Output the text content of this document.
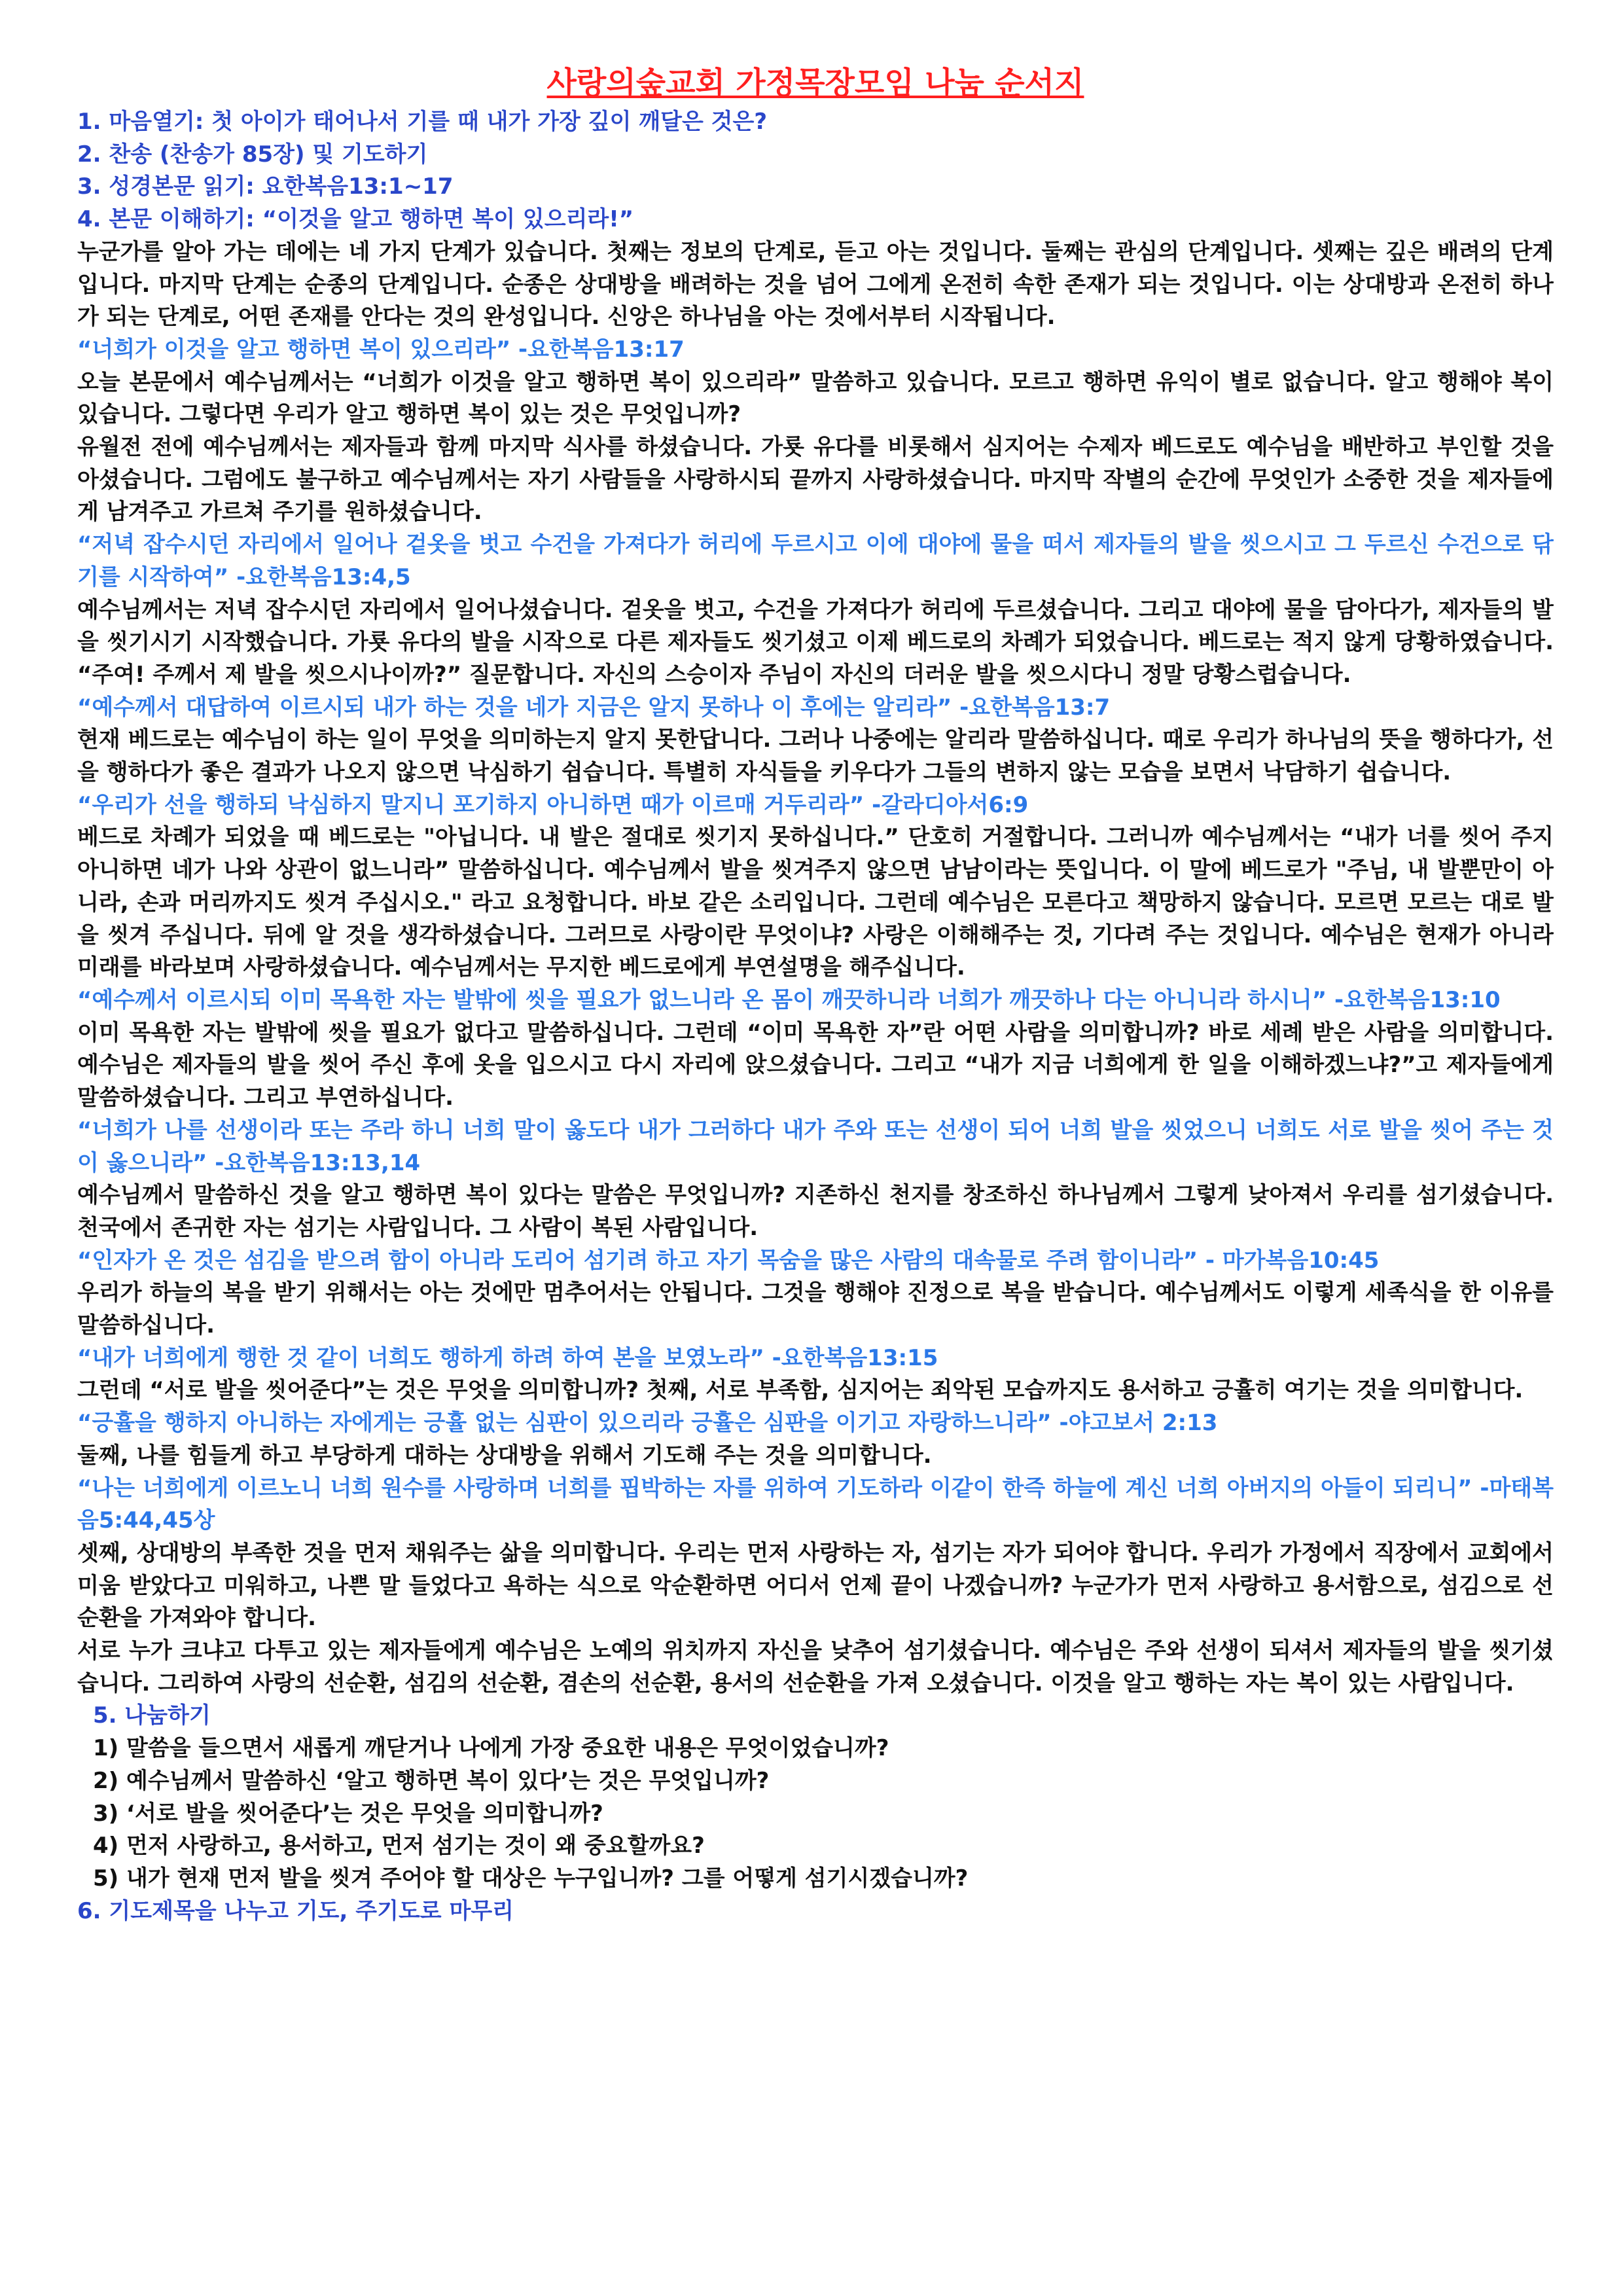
사랑의숲교회 가정목장모임 나눔 순서지

1. 마음열기: 첫 아이가 태어나서 기를 때 내가 가장 깊이 깨달은 것은?

2. 찬송 (찬송가 85장) 및 기도하기

3. 성경본문 읽기: 요한복음13:1~17

4. 본문 이해하기: “이것을 알고 행하면 복이 있으리라!”

누군가를 알아 가는 데에는 네 가지 단계가 있습니다. 첫째는 정보의 단계로, 듣고 아는 것입니다. 둘째는 관심의 단계입니다. 셋째는 깊은 배려의 단계입니다. 마지막 단계는 순종의 단계입니다. 순종은 상대방을 배려하는 것을 넘어 그에게 온전히 속한 존재가 되는 것입니다. 이는 상대방과 온전히 하나가 되는 단계로, 어떤 존재를 안다는 것의 완성입니다. 신앙은 하나님을 아는 것에서부터 시작됩니다.

“너희가 이것을 알고 행하면 복이 있으리라” -요한복음13:17

오늘 본문에서 예수님께서는 “너희가 이것을 알고 행하면 복이 있으리라” 말씀하고 있습니다. 모르고 행하면 유익이 별로 없습니다. 알고 행해야 복이 있습니다. 그렇다면 우리가 알고 행하면 복이 있는 것은 무엇입니까?

유월전 전에 예수님께서는 제자들과 함께 마지막 식사를 하셨습니다. 가룟 유다를 비롯해서 심지어는 수제자 베드로도 예수님을 배반하고 부인할 것을 아셨습니다. 그럼에도 불구하고 예수님께서는 자기 사람들을 사랑하시되 끝까지 사랑하셨습니다. 마지막 작별의 순간에 무엇인가 소중한 것을 제자들에게 남겨주고 가르쳐 주기를 원하셨습니다.

“저녁 잡수시던 자리에서 일어나 겉옷을 벗고 수건을 가져다가 허리에 두르시고 이에 대야에 물을 떠서 제자들의 발을 씻으시고 그 두르신 수건으로 닦기를 시작하여” -요한복음13:4,5

예수님께서는 저녁 잡수시던 자리에서 일어나셨습니다. 겉옷을 벗고, 수건을 가져다가 허리에 두르셨습니다. 그리고 대야에 물을 담아다가, 제자들의 발을 씻기시기 시작했습니다. 가룟 유다의 발을 시작으로 다른 제자들도 씻기셨고 이제 베드로의 차례가 되었습니다. 베드로는 적지 않게 당황하였습니다. “주여! 주께서 제 발을 씻으시나이까?” 질문합니다. 자신의 스승이자 주님이 자신의 더러운 발을 씻으시다니 정말 당황스럽습니다.

“예수께서 대답하여 이르시되 내가 하는 것을 네가 지금은 알지 못하나 이 후에는 알리라” -요한복음13:7

현재 베드로는 예수님이 하는 일이 무엇을 의미하는지 알지 못한답니다. 그러나 나중에는 알리라 말씀하십니다. 때로 우리가 하나님의 뜻을 행하다가, 선을 행하다가 좋은 결과가 나오지 않으면 낙심하기 쉽습니다. 특별히 자식들을 키우다가 그들의 변하지 않는 모습을 보면서 낙담하기 쉽습니다.

“우리가 선을 행하되 낙심하지 말지니 포기하지 아니하면 때가 이르매 거두리라” -갈라디아서6:9

베드로 차례가 되었을 때 베드로는 "아닙니다. 내 발은 절대로 씻기지 못하십니다.” 단호히 거절합니다. 그러니까 예수님께서는 “내가 너를 씻어 주지 아니하면 네가 나와 상관이 없느니라” 말씀하십니다. 예수님께서 발을 씻겨주지 않으면 남남이라는 뜻입니다. 이 말에 베드로가 "주님, 내 발뿐만이 아니라, 손과 머리까지도 씻겨 주십시오." 라고 요청합니다. 바보 같은 소리입니다. 그런데 예수님은 모른다고 책망하지 않습니다. 모르면 모르는 대로 발을 씻겨 주십니다. 뒤에 알 것을 생각하셨습니다. 그러므로 사랑이란 무엇이냐? 사랑은 이해해주는 것, 기다려 주는 것입니다. 예수님은 현재가 아니라 미래를 바라보며 사랑하셨습니다. 예수님께서는 무지한 베드로에게 부연설명을 해주십니다.

“예수께서 이르시되 이미 목욕한 자는 발밖에 씻을 필요가 없느니라 온 몸이 깨끗하니라 너희가 깨끗하나 다는 아니니라 하시니” -요한복음13:10

이미 목욕한 자는 발밖에 씻을 필요가 없다고 말씀하십니다. 그런데 “이미 목욕한 자”란 어떤 사람을 의미합니까? 바로 세례 받은 사람을 의미합니다. 예수님은 제자들의 발을 씻어 주신 후에 옷을 입으시고 다시 자리에 앉으셨습니다. 그리고 “내가 지금 너희에게 한 일을 이해하겠느냐?”고 제자들에게 말씀하셨습니다. 그리고 부연하십니다.

“너희가 나를 선생이라 또는 주라 하니 너희 말이 옳도다 내가 그러하다 내가 주와 또는 선생이 되어 너희 발을 씻었으니 너희도 서로 발을 씻어 주는 것이 옳으니라” -요한복음13:13,14

예수님께서 말씀하신 것을 알고 행하면 복이 있다는 말씀은 무엇입니까? 지존하신 천지를 창조하신 하나님께서 그렇게 낮아져서 우리를 섬기셨습니다. 천국에서 존귀한 자는 섬기는 사람입니다. 그 사람이 복된 사람입니다.

“인자가 온 것은 섬김을 받으려 함이 아니라 도리어 섬기려 하고 자기 목숨을 많은 사람의 대속물로 주려 함이니라” - 마가복음10:45

우리가 하늘의 복을 받기 위해서는 아는 것에만 멈추어서는 안됩니다. 그것을 행해야 진정으로 복을 받습니다. 예수님께서도 이렇게 세족식을 한 이유를 말씀하십니다.

“내가 너희에게 행한 것 같이 너희도 행하게 하려 하여 본을 보였노라” -요한복음13:15

그런데 “서로 발을 씻어준다”는 것은 무엇을 의미합니까? 첫째, 서로 부족함, 심지어는 죄악된 모습까지도 용서하고 긍휼히 여기는 것을 의미합니다.

“긍휼을 행하지 아니하는 자에게는 긍휼 없는 심판이 있으리라 긍휼은 심판을 이기고 자랑하느니라” -야고보서 2:13

둘째, 나를 힘들게 하고 부당하게 대하는 상대방을 위해서 기도해 주는 것을 의미합니다.

“나는 너희에게 이르노니 너희 원수를 사랑하며 너희를 핍박하는 자를 위하여 기도하라 이같이 한즉 하늘에 계신 너희 아버지의 아들이 되리니” -마태복음5:44,45상

셋째, 상대방의 부족한 것을 먼저 채워주는 삶을 의미합니다. 우리는 먼저 사랑하는 자, 섬기는 자가 되어야 합니다. 우리가 가정에서 직장에서 교회에서 미움 받았다고 미워하고, 나쁜 말 들었다고 욕하는 식으로 악순환하면 어디서 언제 끝이 나겠습니까? 누군가가 먼저 사랑하고 용서함으로, 섬김으로 선순환을 가져와야 합니다.

서로 누가 크냐고 다투고 있는 제자들에게 예수님은 노예의 위치까지 자신을 낮추어 섬기셨습니다. 예수님은 주와 선생이 되셔서 제자들의 발을 씻기셨습니다. 그리하여 사랑의 선순환, 섬김의 선순환, 겸손의 선순환, 용서의 선순환을 가져 오셨습니다. 이것을 알고 행하는 자는 복이 있는 사람입니다.

5. 나눔하기

1) 말씀을 들으면서 새롭게 깨닫거나 나에게 가장 중요한 내용은 무엇이었습니까?

2) 예수님께서 말씀하신 ‘알고 행하면 복이 있다’는 것은 무엇입니까?

3) ‘서로 발을 씻어준다’는 것은 무엇을 의미합니까?

4) 먼저 사랑하고, 용서하고, 먼저 섬기는 것이 왜 중요할까요?

5) 내가 현재 먼저 발을 씻겨 주어야 할 대상은 누구입니까? 그를 어떻게 섬기시겠습니까?

6. 기도제목을 나누고 기도, 주기도로 마무리
